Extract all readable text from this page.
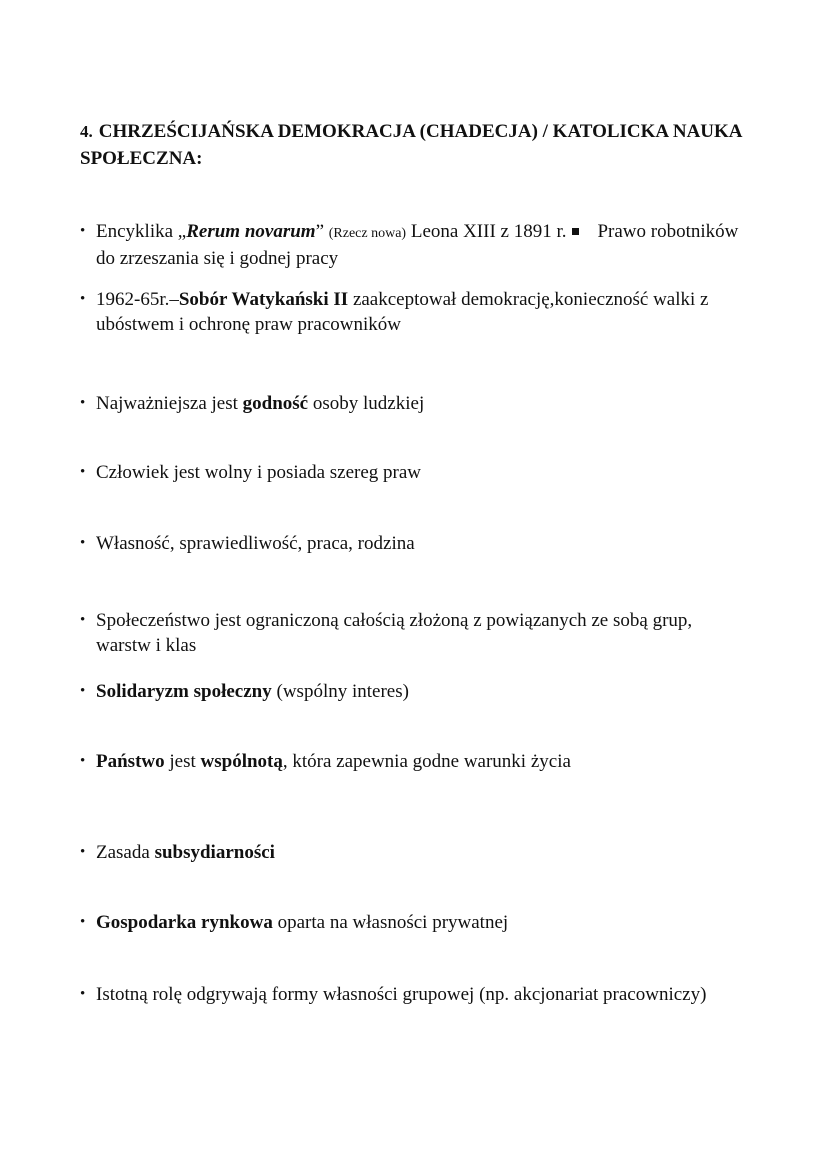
4. CHRZEŚCIJAŃSKA DEMOKRACJA (CHADECJA) / KATOLICKA NAUKA SPOŁECZNA:
• Encyklika „Rerum novarum” (Rzecz nowa) Leona XIII z 1891 r. Prawo robotników do zrzeszania się i godnej pracy
• 1962-65r.–Sobór Watykański II zaakceptował demokrację,konieczność walki z ubóstwem i ochronę praw pracowników
• Najważniejsza jest godność osoby ludzkiej
• Człowiek jest wolny i posiada szereg praw
• Własność, sprawiedliwość, praca, rodzina
• Społeczeństwo jest ograniczoną całością złożoną z powiązanych ze sobą grup, warstw i klas
• Solidaryzm społeczny (wspólny interes)
• Państwo jest wspólnotą, która zapewnia godne warunki życia
• Zasada subsydiarności
• Gospodarka rynkowa oparta na własności prywatnej
• Istotną rolę odgrywają formy własności grupowej (np. akcjonariat pracowniczy)
